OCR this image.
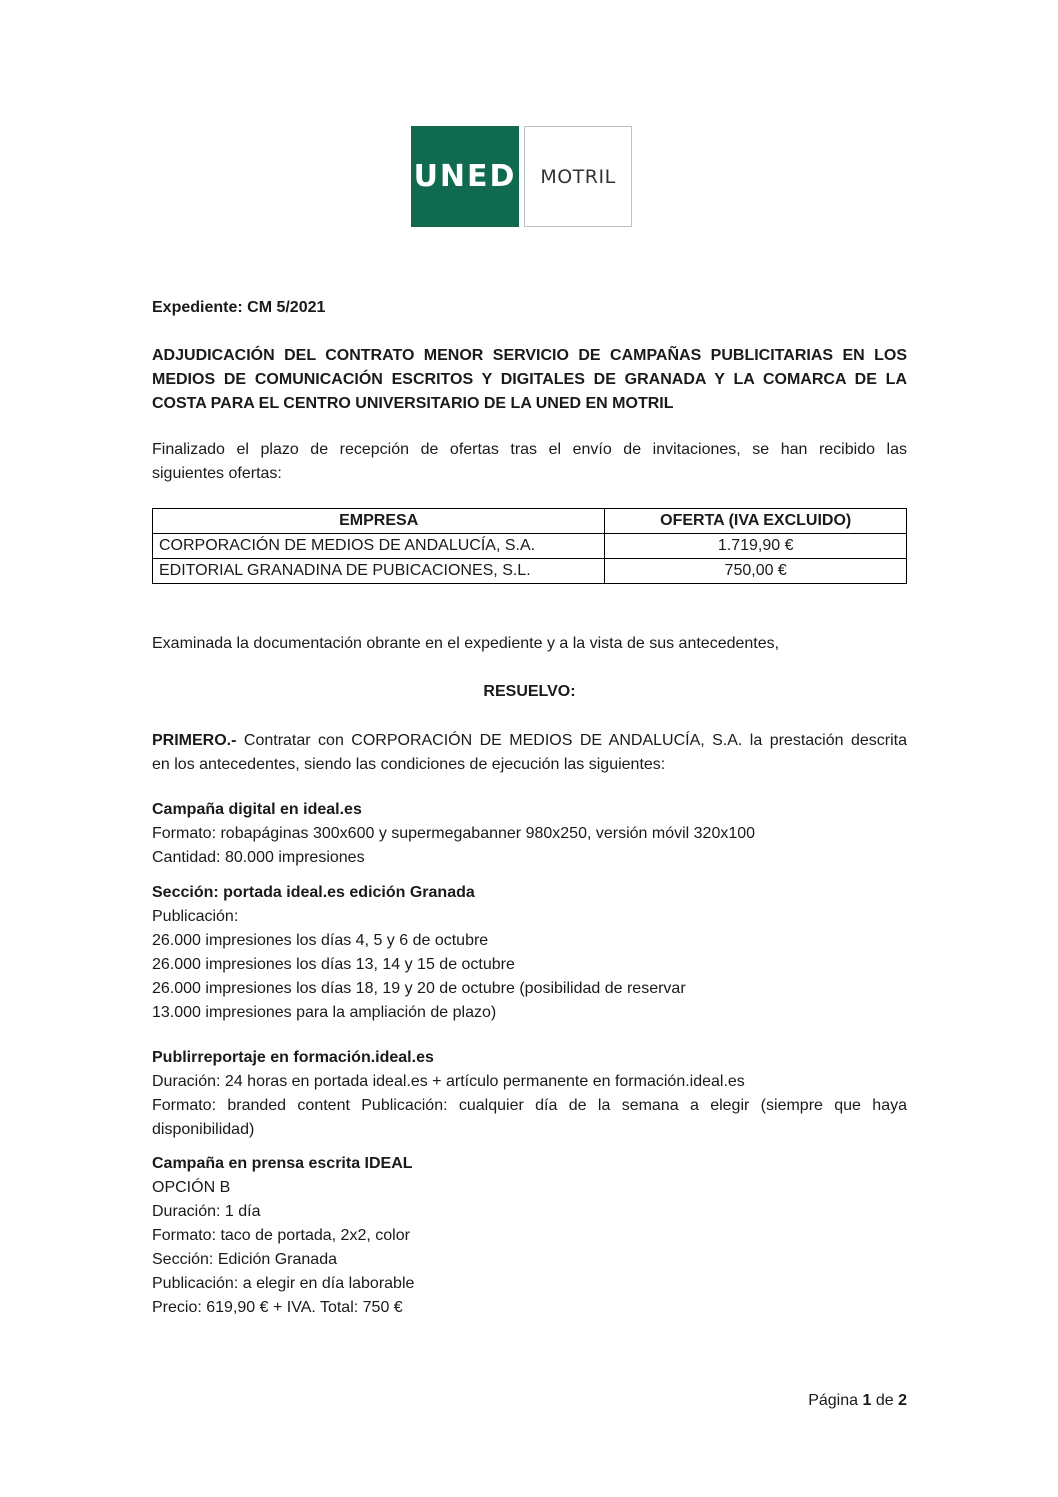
UNED	MOTRIL
Expediente: CM 5/2021
ADJUDICACIÓN DEL CONTRATO MENOR SERVICIO DE CAMPAÑAS PUBLICITARIAS EN LOS
MEDIOS DE COMUNICACIÓN ESCRITOS Y DIGITALES DE GRANADA Y LA COMARCA DE LA
COSTA PARA EL CENTRO UNIVERSITARIO DE LA UNED EN MOTRIL
Finalizado el plazo de recepción de ofertas tras el envío de invitaciones, se han recibido las
siguientes ofertas:
EMPRESA	OFERTA (IVA EXCLUIDO)
CORPORACIÓN DE MEDIOS DE ANDALUCÍA, S.A.	1.719,90 €
EDITORIAL GRANADINA DE PUBICACIONES, S.L.	750,00 €
Examinada la documentación obrante en el expediente y a la vista de sus antecedentes,
RESUELVO:
PRIMERO.- Contratar con CORPORACIÓN DE MEDIOS DE ANDALUCÍA, S.A. la prestación descrita
en los antecedentes, siendo las condiciones de ejecución las siguientes:
Campaña digital en ideal.es
Formato: robapáginas 300x600 y supermegabanner 980x250, versión móvil 320x100
Cantidad: 80.000 impresiones
Sección: portada ideal.es edición Granada
Publicación:
26.000 impresiones los días 4, 5 y 6 de octubre
26.000 impresiones los días 13, 14 y 15 de octubre
26.000 impresiones los días 18, 19 y 20 de octubre (posibilidad de reservar
13.000 impresiones para la ampliación de plazo)
Publirreportaje en formación.ideal.es
Duración: 24 horas en portada ideal.es + artículo permanente en formación.ideal.es
Formato: branded content Publicación: cualquier día de la semana a elegir (siempre que haya
disponibilidad)
Campaña en prensa escrita IDEAL
OPCIÓN B
Duración: 1 día
Formato: taco de portada, 2x2, color
Sección: Edición Granada
Publicación: a elegir en día laborable
Precio: 619,90 € + IVA. Total: 750 €
Página 1 de 2
